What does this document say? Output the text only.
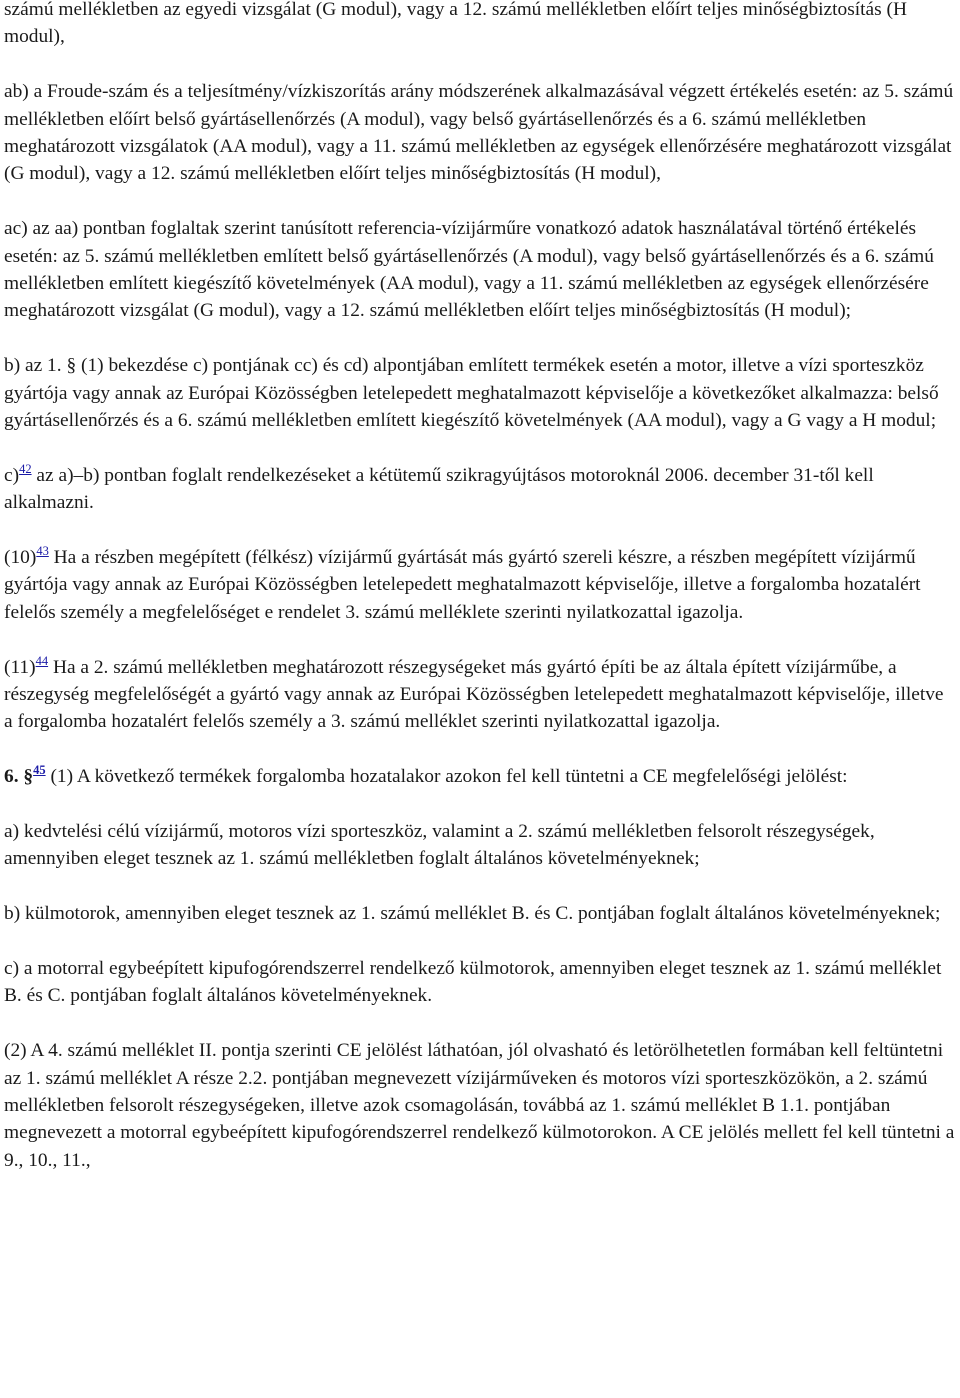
számú mellékletben az egyedi vizsgálat (G modul), vagy a 12. számú mellékletben előírt teljes minőségbiztosítás (H modul),

ab) a Froude-szám és a teljesítmény/vízkiszorítás arány módszerének alkalmazásával végzett értékelés esetén: az 5. számú mellékletben előírt belső gyártásellenőrzés (A modul), vagy belső gyártásellenőrzés és a 6. számú mellékletben meghatározott vizsgálatok (AA modul), vagy a 11. számú mellékletben az egységek ellenőrzésére meghatározott vizsgálat (G modul), vagy a 12. számú mellékletben előírt teljes minőségbiztosítás (H modul),

ac) az aa) pontban foglaltak szerint tanúsított referencia-vízijárműre vonatkozó adatok használatával történő értékelés esetén: az 5. számú mellékletben említett belső gyártásellenőrzés (A modul), vagy belső gyártásellenőrzés és a 6. számú mellékletben említett kiegészítő követelmények (AA modul), vagy a 11. számú mellékletben az egységek ellenőrzésére meghatározott vizsgálat (G modul), vagy a 12. számú mellékletben előírt teljes minőségbiztosítás (H modul);

b) az 1. § (1) bekezdése c) pontjának cc) és cd) alpontjában említett termékek esetén a motor, illetve a vízi sporteszköz gyártója vagy annak az Európai Közösségben letelepedett meghatalmazott képviselője a következőket alkalmazza: belső gyártásellenőrzés és a 6. számú mellékletben említett kiegészítő követelmények (AA modul), vagy a G vagy a H modul;

c)$^{42}$ az a)–b) pontban foglalt rendelkezéseket a kétütemű szikragyújtásos motoroknál 2006. december 31-től kell alkalmazni.

(10)$^{43}$ Ha a részben megépített (félkész) vízijármű gyártását más gyártó szereli készre, a részben megépített vízijármű gyártója vagy annak az Európai Közösségben letelepedett meghatalmazott képviselője, illetve a forgalomba hozatalért felelős személy a megfelelőséget e rendelet 3. számú melléklete szerinti nyilatkozattal igazolja.

(11)$^{44}$ Ha a 2. számú mellékletben meghatározott részegységeket más gyártó építi be az általa épített vízijárműbe, a részegység megfelelőségét a gyártó vagy annak az Európai Közösségben letelepedett meghatalmazott képviselője, illetve a forgalomba hozatalért felelős személy a 3. számú melléklet szerinti nyilatkozattal igazolja.

6. §$^{45}$ (1) A következő termékek forgalomba hozatalakor azokon fel kell tüntetni a CE megfelelőségi jelölést:

a) kedvtelési célú vízijármű, motoros vízi sporteszköz, valamint a 2. számú mellékletben felsorolt részegységek, amennyiben eleget tesznek az 1. számú mellékletben foglalt általános követelményeknek;

b) külmotorok, amennyiben eleget tesznek az 1. számú melléklet B. és C. pontjában foglalt általános követelményeknek;

c) a motorral egybeépített kipufogórendszerrel rendelkező külmotorok, amennyiben eleget tesznek az 1. számú melléklet B. és C. pontjában foglalt általános követelményeknek.

(2) A 4. számú melléklet II. pontja szerinti CE jelölést láthatóan, jól olvasható és letörölhetetlen formában kell feltüntetni az 1. számú melléklet A része 2.2. pontjában megnevezett vízijárműveken és motoros vízi sporteszközökön, a 2. számú mellékletben felsorolt részegységeken, illetve azok csomagolásán, továbbá az 1. számú melléklet B 1.1. pontjában megnevezett a motorral egybeépített kipufogórendszerrel rendelkező külmotorokon. A CE jelölés mellett fel kell tüntetni a 9., 10., 11.,
